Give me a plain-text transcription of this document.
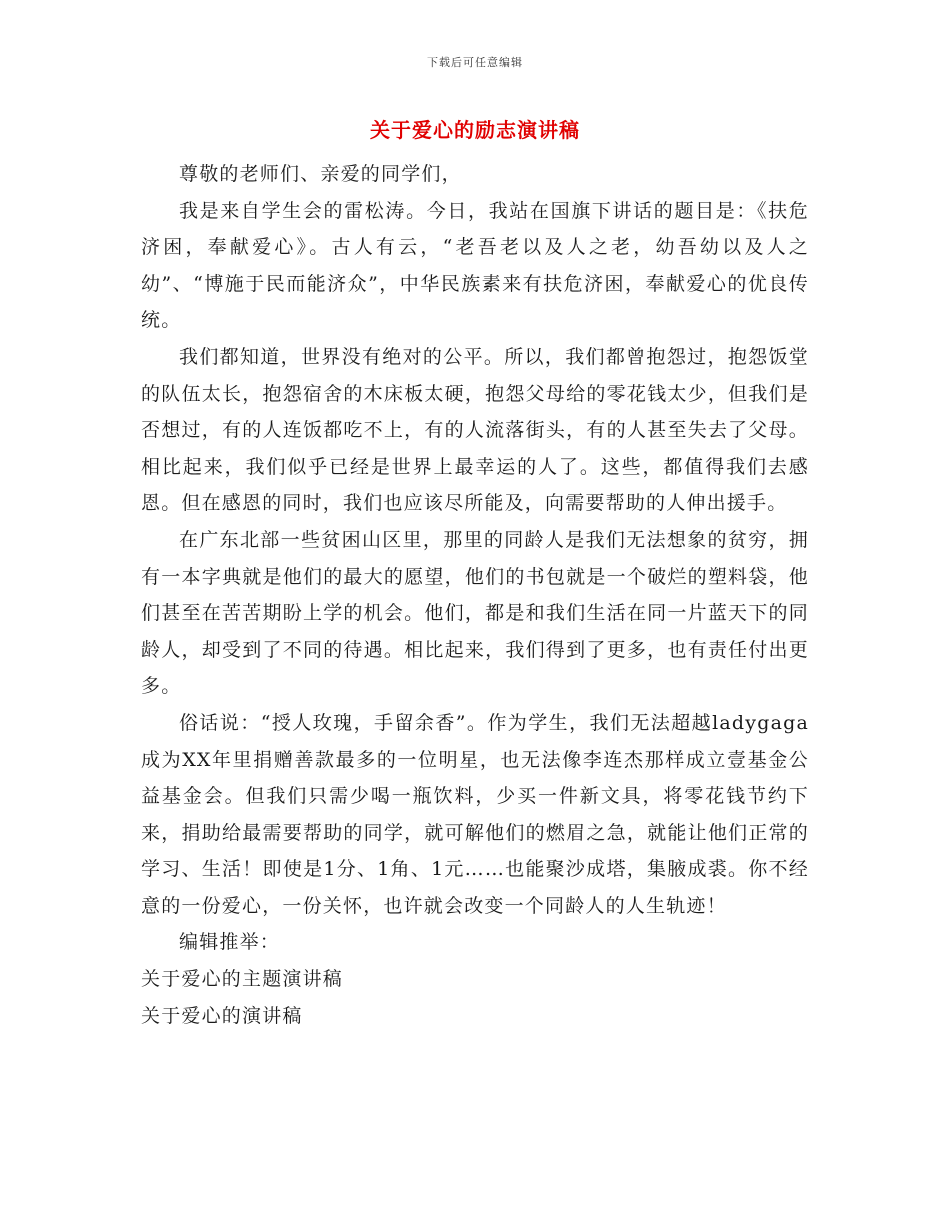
下载后可任意编辑
关于爱心的励志演讲稿

尊敬的老师们、亲爱的同学们，

我是来自学生会的雷松涛。今日，我站在国旗下讲话的题目是：《扶危济困，奉献爱心》。古人有云，“老吾老以及人之老，幼吾幼以及人之幼”、“博施于民而能济众”，中华民族素来有扶危济困，奉献爱心的优良传统。

我们都知道，世界没有绝对的公平。所以，我们都曾抱怨过，抱怨饭堂的队伍太长，抱怨宿舍的木床板太硬，抱怨父母给的零花钱太少，但我们是否想过，有的人连饭都吃不上，有的人流落街头，有的人甚至失去了父母。相比起来，我们似乎已经是世界上最幸运的人了。这些，都值得我们去感恩。但在感恩的同时，我们也应该尽所能及，向需要帮助的人伸出援手。

在广东北部一些贫困山区里，那里的同龄人是我们无法想象的贫穷，拥有一本字典就是他们的最大的愿望，他们的书包就是一个破烂的塑料袋，他们甚至在苦苦期盼上学的机会。他们，都是和我们生活在同一片蓝天下的同龄人，却受到了不同的待遇。相比起来，我们得到了更多，也有责任付出更多。

俗话说：“授人玫瑰，手留余香”。作为学生，我们无法超越ladygaga成为XX年里捐赠善款最多的一位明星，也无法像李连杰那样成立壹基金公益基金会。但我们只需少喝一瓶饮料，少买一件新文具，将零花钱节约下来，捐助给最需要帮助的同学，就可解他们的燃眉之急，就能让他们正常的学习、生活！即使是1分、1角、1元……也能聚沙成塔，集腋成裘。你不经意的一份爱心，一份关怀，也许就会改变一个同龄人的人生轨迹！

编辑推举：

关于爱心的主题演讲稿

关于爱心的演讲稿
